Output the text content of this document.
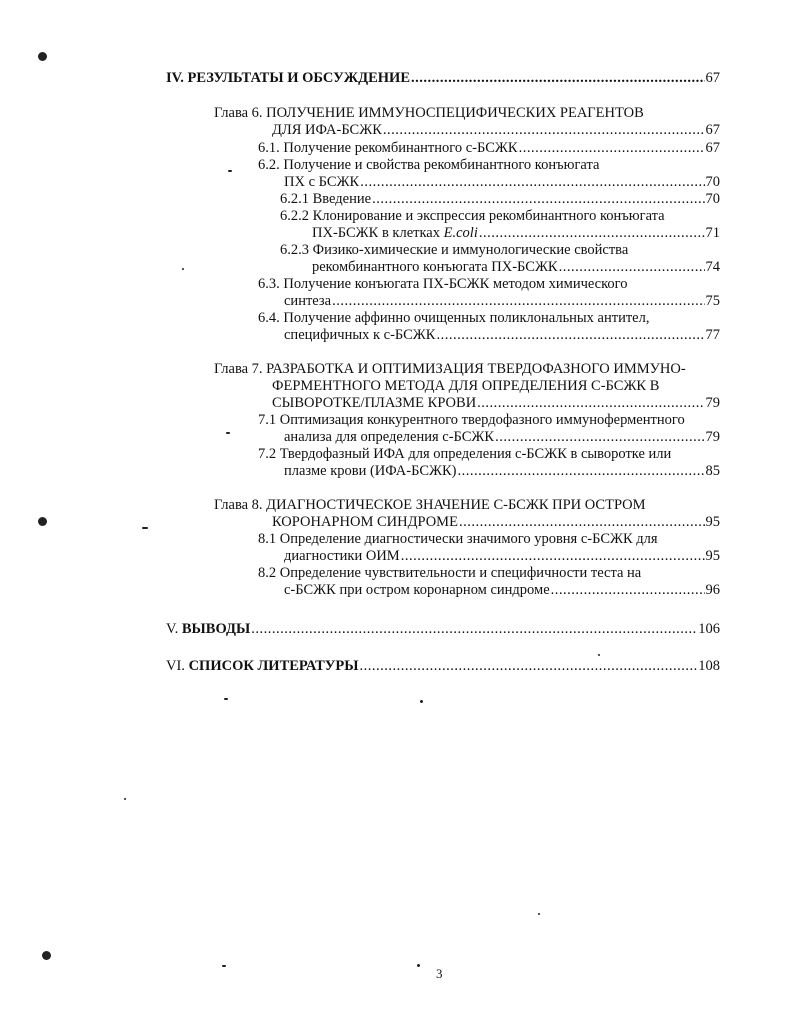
IV. РЕЗУЛЬТАТЫ И ОБСУЖДЕНИЕ .....	67
Глава 6. ПОЛУЧЕНИЕ ИММУНОСПЕЦИФИЧЕСКИХ РЕАГЕНТОВ
ДЛЯ ИФА-БСЖК .....	67
6.1. Получение рекомбинантного с-БСЖК .....	67
6.2. Получение и свойства рекомбинантного конъюгата
ПХ с БСЖК .....	70
6.2.1 Введение .....	70
6.2.2 Клонирование и экспрессия рекомбинантного конъюгата
ПХ-БСЖК в клетках E.coli .....	71
6.2.3 Физико-химические и иммунологические свойства
рекомбинантного конъюгата ПХ-БСЖК .....	74
6.3. Получение конъюгата ПХ-БСЖК методом химического
синтеза .....	75
6.4. Получение аффинно очищенных поликлональных антител,
специфичных к с-БСЖК .....	77
Глава 7. РАЗРАБОТКА И ОПТИМИЗАЦИЯ ТВЕРДОФАЗНОГО ИММУНО-
ФЕРМЕНТНОГО МЕТОДА ДЛЯ ОПРЕДЕЛЕНИЯ С-БСЖК В
СЫВОРОТКЕ/ПЛАЗМЕ КРОВИ .....	79
7.1 Оптимизация конкурентного твердофазного иммуноферментного
анализа для определения с-БСЖК .....	79
7.2 Твердофазный ИФА для определения с-БСЖК в сыворотке или
плазме крови (ИФА-БСЖК) .....	85
Глава 8. ДИАГНОСТИЧЕСКОЕ ЗНАЧЕНИЕ С-БСЖК ПРИ ОСТРОМ
КОРОНАРНОМ СИНДРОМЕ .....	95
8.1 Определение диагностически значимого уровня с-БСЖК для
диагностики ОИМ .....	95
8.2 Определение чувствительности и специфичности теста на
с-БСЖК при остром коронарном синдроме .....	96
V. ВЫВОДЫ .....	106
VI. СПИСОК ЛИТЕРАТУРЫ .....	108
3
